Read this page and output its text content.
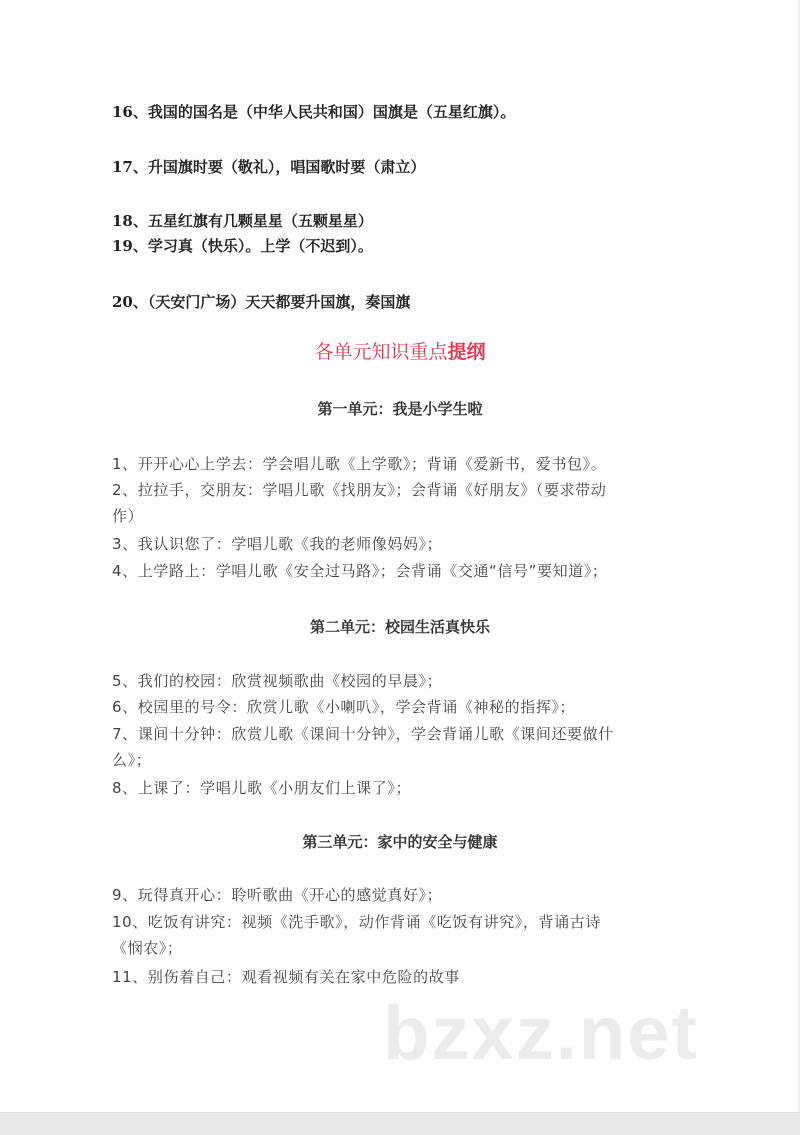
16、我国的国名是（中华人民共和国）国旗是（五星红旗）。
17、升国旗时要（敬礼），唱国歌时要（肃立）
18、五星红旗有几颗星星（五颗星星）
19、学习真（快乐）。上学（不迟到）。
20、（天安门广场）天天都要升国旗，奏国旗
各单元知识重点提纲
第一单元：我是小学生啦
1、开开心心上学去：学会唱儿歌《上学歌》；背诵《爱新书，爱书包》。
2、拉拉手，交朋友：学唱儿歌《找朋友》；会背诵《好朋友》（要求带动
作）
3、我认识您了：学唱儿歌《我的老师像妈妈》；
4、上学路上：学唱儿歌《安全过马路》；会背诵《交通“信号”要知道》；
第二单元：校园生活真快乐
5、我们的校园：欣赏视频歌曲《校园的早晨》；
6、校园里的号令：欣赏儿歌《小喇叭》，学会背诵《神秘的指挥》；
7、课间十分钟：欣赏儿歌《课间十分钟》，学会背诵儿歌《课间还要做什
么》；
8、上课了：学唱儿歌《小朋友们上课了》；
第三单元：家中的安全与健康
9、玩得真开心：聆听歌曲《开心的感觉真好》；
10、吃饭有讲究：视频《洗手歌》，动作背诵《吃饭有讲究》，背诵古诗
《悯农》；
11、别伤着自己：观看视频有关在家中危险的故事
bzxz.net
